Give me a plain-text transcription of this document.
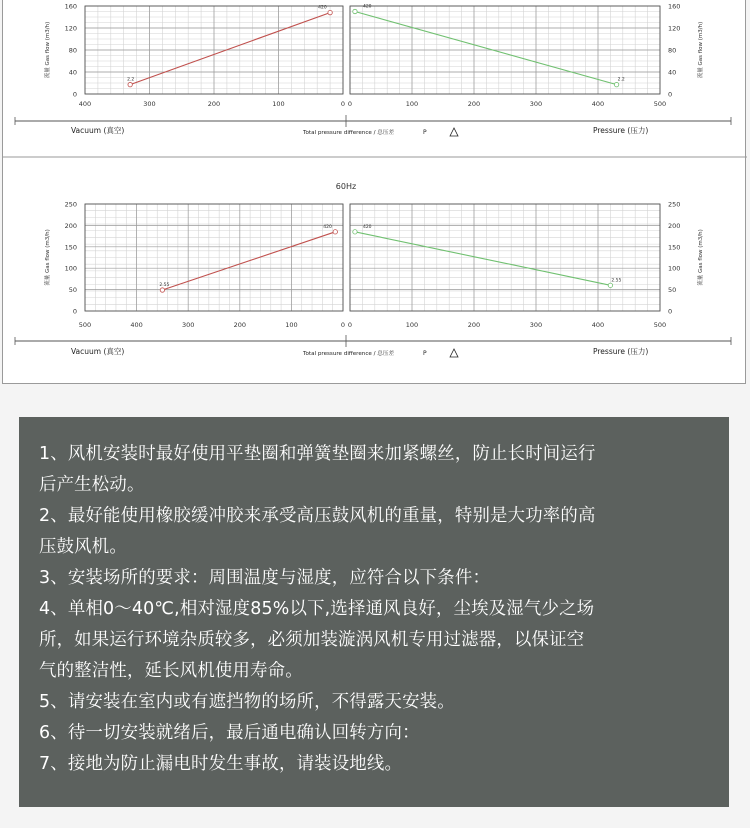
400	300	200	100	0
0
40
80
120
160
流量 Gas flow (m3/h)
2.2
420
0	100	200	300	400	500
0
40
80
120
160
流量 Gas flow (m3/h)
420
2.2
Vacuum (真空)	Total pressure difference / 总压差	P	Pressure (压力)
60Hz
500	400	300	200	100	0
0
50
100
150
200
250
流量 Gas flow (m3/h)	2.55
420
0	100	200	300	400	500
0
50
100
150
200
250
流量 Gas flow (m3/h)
420
2.55
Vacuum (真空)	Total pressure difference / 总压差	P	Pressure (压力)

1、风机安装时最好使用平垫圈和弹簧垫圈来加紧螺丝，防止长时间运行

后产生松动。

2、最好能使用橡胶缓冲胶来承受高压鼓风机的重量，特别是大功率的高

压鼓风机。

3、安装场所的要求：周围温度与湿度，应符合以下条件：

4、单相0～40℃,相对湿度85%以下,选择通风良好，尘埃及湿气少之场

所，如果运行环境杂质较多，必须加装漩涡风机专用过滤器，以保证空

气的整洁性，延长风机使用寿命。

5、请安装在室内或有遮挡物的场所，不得露天安装。

6、待一切安装就绪后，最后通电确认回转方向：

7、接地为防止漏电时发生事故，请装设地线。
